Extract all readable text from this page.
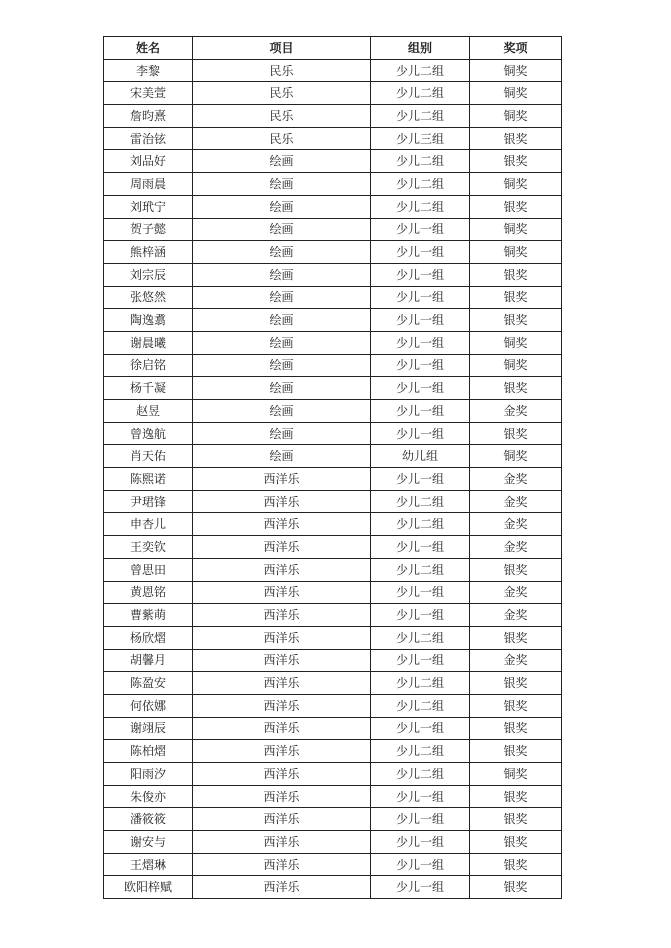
姓名	项目	组别	奖项
李黎	民乐	少儿二组	铜奖
宋美萱	民乐	少儿二组	铜奖
詹昀熹	民乐	少儿二组	铜奖
雷治铉	民乐	少儿三组	银奖
刘品好	绘画	少儿二组	银奖
周雨晨	绘画	少儿二组	铜奖
刘玳宁	绘画	少儿二组	银奖
贺子懿	绘画	少儿一组	铜奖
熊梓涵	绘画	少儿一组	铜奖
刘宗辰	绘画	少儿一组	银奖
张悠然	绘画	少儿一组	银奖
陶逸翥	绘画	少儿一组	银奖
谢晨曦	绘画	少儿一组	铜奖
徐启铭	绘画	少儿一组	铜奖
杨千凝	绘画	少儿一组	银奖
赵昱	绘画	少儿一组	金奖
曾逸航	绘画	少儿一组	银奖
肖天佑	绘画	幼儿组	铜奖
陈熙诺	西洋乐	少儿一组	金奖
尹珺锋	西洋乐	少儿二组	金奖
申杏儿	西洋乐	少儿二组	金奖
王奕钦	西洋乐	少儿一组	金奖
曾思田	西洋乐	少儿二组	银奖
黄恩铭	西洋乐	少儿一组	金奖
曹紫萌	西洋乐	少儿一组	金奖
杨欣熠	西洋乐	少儿二组	银奖
胡馨月	西洋乐	少儿一组	金奖
陈盈安	西洋乐	少儿二组	银奖
何依娜	西洋乐	少儿二组	银奖
谢翊辰	西洋乐	少儿一组	银奖
陈柏熠	西洋乐	少儿二组	银奖
阳雨汐	西洋乐	少儿二组	铜奖
朱俊亦	西洋乐	少儿一组	银奖
潘筱筱	西洋乐	少儿一组	银奖
谢安与	西洋乐	少儿一组	银奖
王熠琳	西洋乐	少儿一组	银奖
欧阳梓赋	西洋乐	少儿一组	银奖
